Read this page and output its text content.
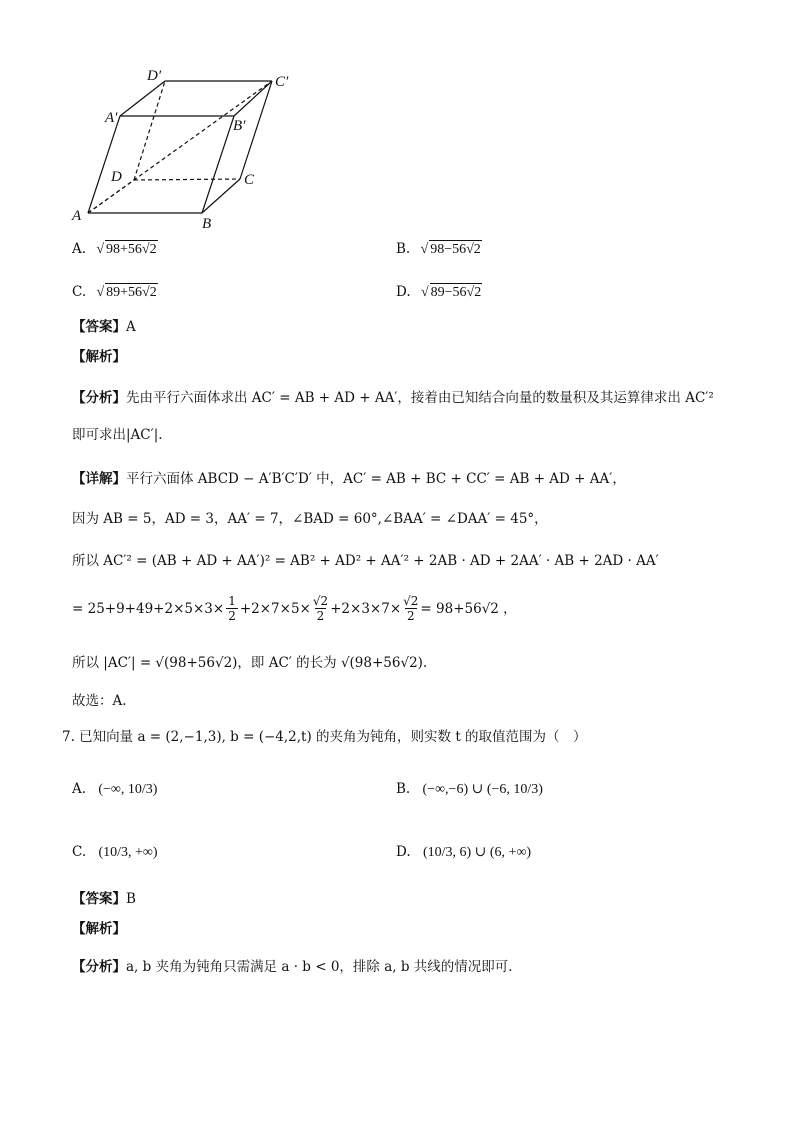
A	B
C
D
A′	B′
D′	C′
A. √ 98+56√2	B. √ 98−56√2
C. √ 89+56√2	D. √ 89−56√2
【答案】A
【解析】
【分析】先由平行六面体求出 AC′ = AB + AD + AA′，接着由已知结合向量的数量积及其运算律求出 AC′²
即可求出|AC′|.
【详解】平行六面体 ABCD − A′B′C′D′ 中，AC′ = AB + BC + CC′ = AB + AD + AA′，
因为 AB = 5，AD = 3，AA′ = 7，∠BAD = 60°,∠BAA′ = ∠DAA′ = 45°，
所以 AC′² = (AB + AD + AA′)² = AB² + AD² + AA′² + 2AB · AD + 2AA′ · AB + 2AD · AA′
= $25+9+49+2\times 5\times 3\times \frac{1}{2} +2\times 7\times 5\times \frac{√2}{2} +2\times 3\times 7\times \frac{√2}{2} = 98+56√2$ ，
所以 |AC′| = √(98+56√2)，即 AC′ 的长为 √(98+56√2).
故选：A.
7. 已知向量 a = (2,−1,3), b = (−4,2,t) 的夹角为钝角，则实数 t 的取值范围为（　）
A. (−∞, 10/3)	B. (−∞,−6) ∪ (−6, 10/3)
C. (10/3, +∞)	D. (10/3, 6) ∪ (6, +∞)
【答案】B
【解析】
【分析】a, b 夹角为钝角只需满足 a · b < 0，排除 a, b 共线的情况即可.
